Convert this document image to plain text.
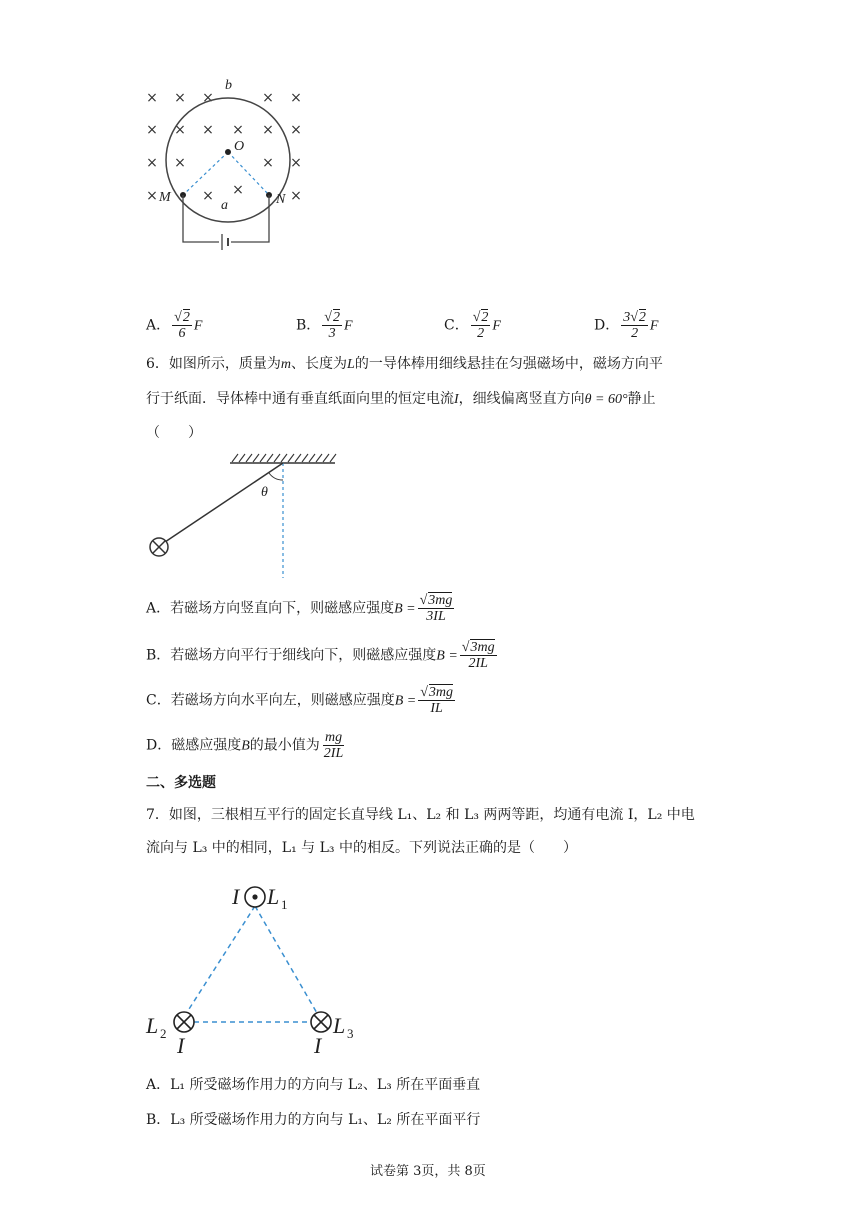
× × ×	× ×
× × × × × ×
× ×	× ×
×	× ×	×
b
O
M	N
a
A． $\frac{√2}{6}$ F	B． $\frac{√2}{3}$ F	C． $\frac{√2}{2}$ F	D． $\frac{3√2}{2}$ F
6．如图所示，质量为m、长度为L的一导体棒用细线悬挂在匀强磁场中，磁场方向平
行于纸面．导体棒中通有垂直纸面向里的恒定电流I，细线偏离竖直方向θ = 60°静止
（　　）
θ
A．若磁场方向竖直向下，则磁感应强度$B = \frac{√3mg}{3IL}$
B．若磁场方向平行于细线向下，则磁感应强度$B = \frac{√3mg}{2IL}$
C．若磁场方向水平向左，则磁感应强度$B = \frac{√3mg}{IL}$
D．磁感应强度B的最小值为 $\frac{mg}{2IL}$
二、多选题
7．如图，三根相互平行的固定长直导线 L₁、L₂ 和 L₃ 两两等距，均通有电流 I，L₂ 中电
流向与 L₃ 中的相同，L₁ 与 L₃ 中的相反。下列说法正确的是（　　）
I L
L
I
L
I
1
2	3
A．L₁ 所受磁场作用力的方向与 L₂、L₃ 所在平面垂直
B．L₃ 所受磁场作用力的方向与 L₁、L₂ 所在平面平行
试卷第 3页，共 8页
